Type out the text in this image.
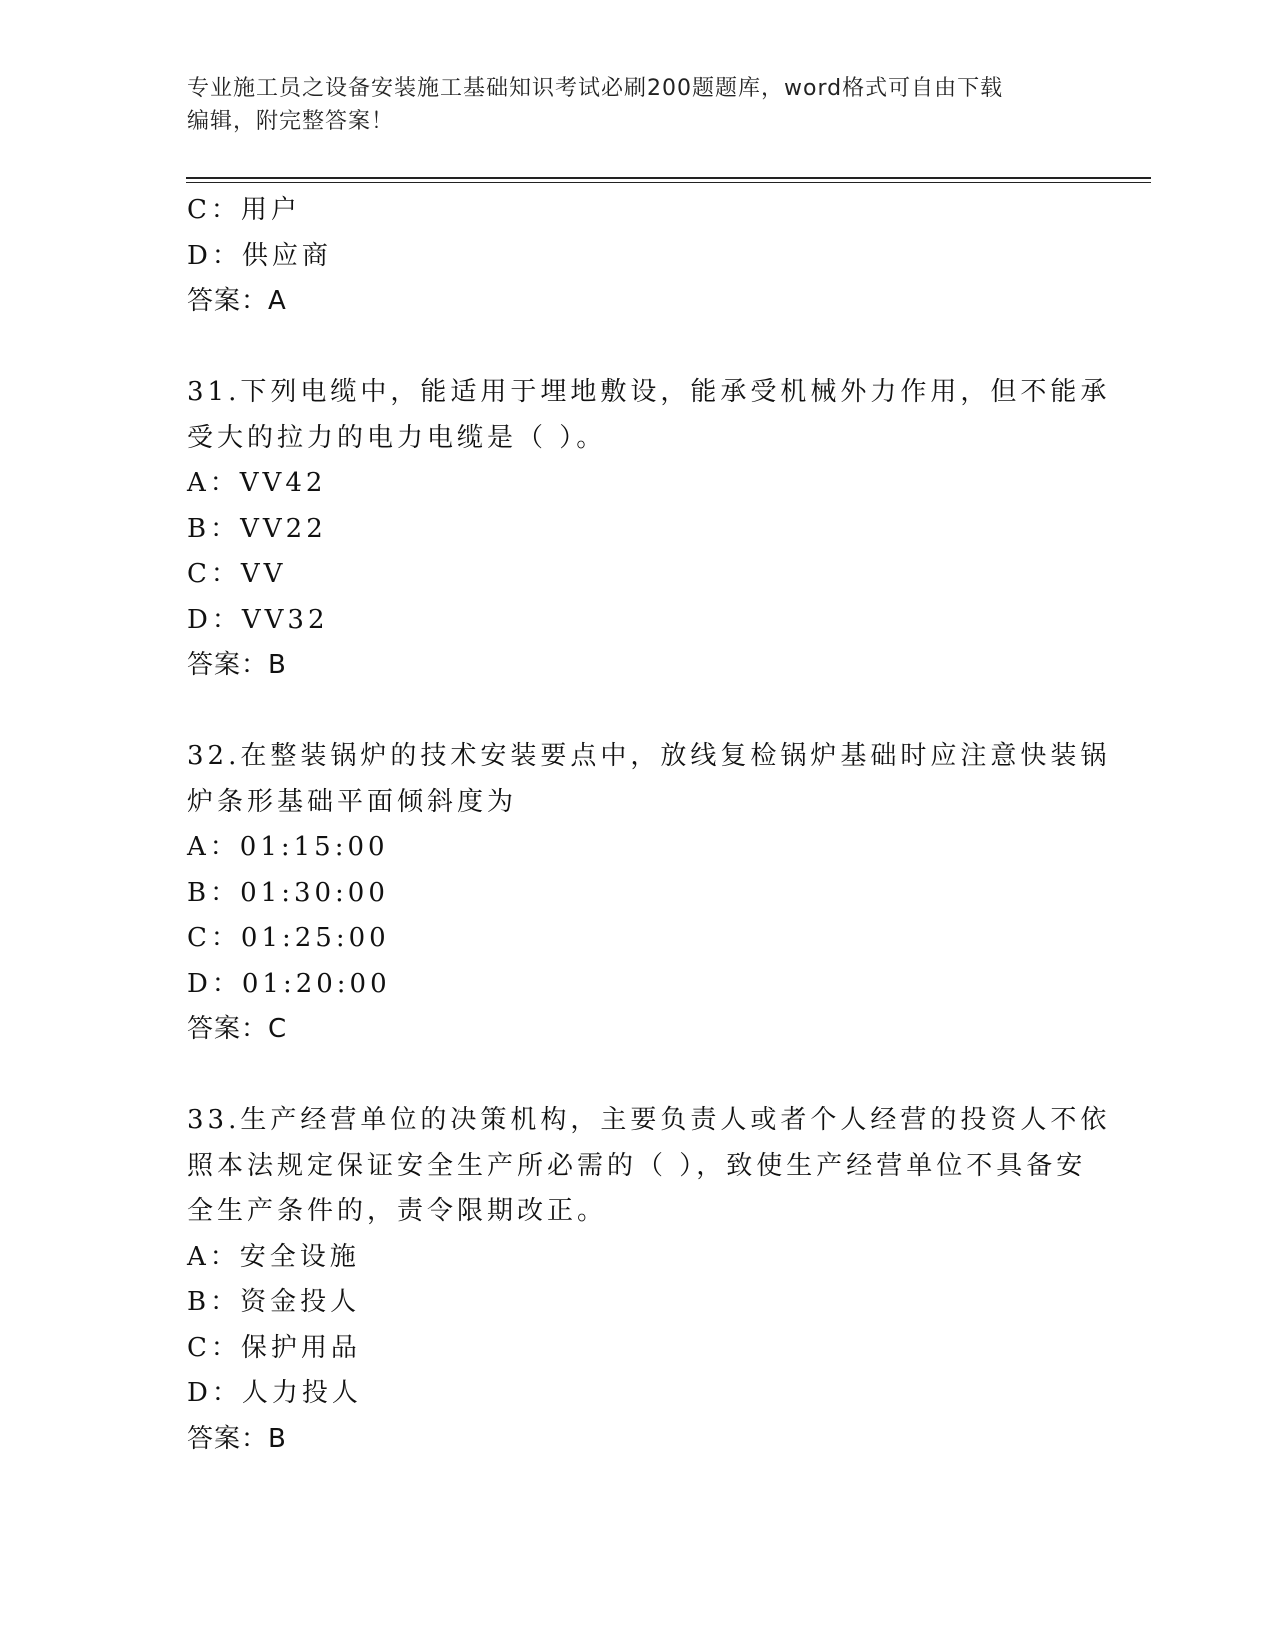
专业施工员之设备安装施工基础知识考试必刷200题题库，word格式可自由下载
编辑，附完整答案！
C：用户
D：供应商
答案：A
31.下列电缆中，能适用于埋地敷设，能承受机械外力作用，但不能承
受大的拉力的电力电缆是（ ）。
A：VV42
B：VV22
C：VV
D：VV32
答案：B
32.在整装锅炉的技术安装要点中，放线复检锅炉基础时应注意快装锅
炉条形基础平面倾斜度为
A：01:15:00
B：01:30:00
C：01:25:00
D：01:20:00
答案：C
33.生产经营单位的决策机构，主要负责人或者个人经营的投资人不依
照本法规定保证安全生产所必需的（ ），致使生产经营单位不具备安
全生产条件的，责令限期改正。
A：安全设施
B：资金投人
C：保护用品
D：人力投人
答案：B
